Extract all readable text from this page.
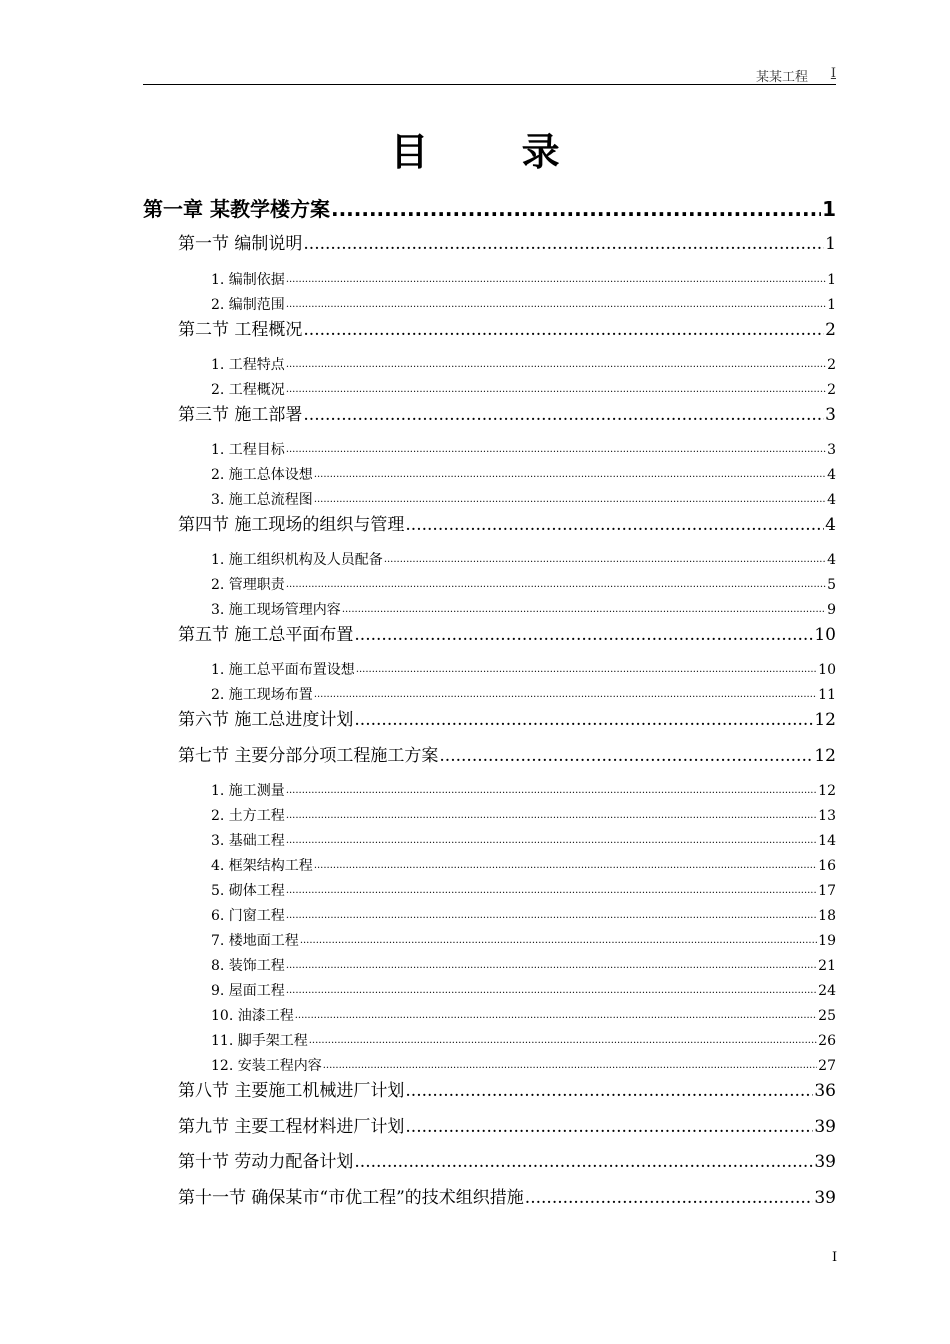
某某工程 I
目 录
第一章 某教学楼方案 .....	1
第一节 编制说明 .....	1
1. 编制依据 .....	1
2. 编制范围 .....	1
第二节 工程概况 .....	2
1. 工程特点 .....	2
2. 工程概况 .....	2
第三节 施工部署 .....	3
1. 工程目标 .....	3
2. 施工总体设想 .....	4
3. 施工总流程图 .....	4
第四节 施工现场的组织与管理 .....	4
1. 施工组织机构及人员配备 .....	4
2. 管理职责 .....	5
3. 施工现场管理内容 .....	9
第五节 施工总平面布置 .....	10
1. 施工总平面布置设想 .....	10
2. 施工现场布置 .....	11
第六节 施工总进度计划 .....	12
第七节 主要分部分项工程施工方案 .....	12
1. 施工测量 .....	12
2. 土方工程 .....	13
3. 基础工程 .....	14
4. 框架结构工程 .....	16
5. 砌体工程 .....	17
6. 门窗工程 .....	18
7. 楼地面工程 .....	19
8. 装饰工程 .....	21
9. 屋面工程 .....	24
10. 油漆工程 .....	25
11. 脚手架工程 .....	26
12. 安装工程内容 .....	27
第八节 主要施工机械进厂计划 .....	36
第九节 主要工程材料进厂计划 .....	39
第十节 劳动力配备计划 .....	39
第十一节 确保某市“市优工程”的技术组织措施 .....	39
I
